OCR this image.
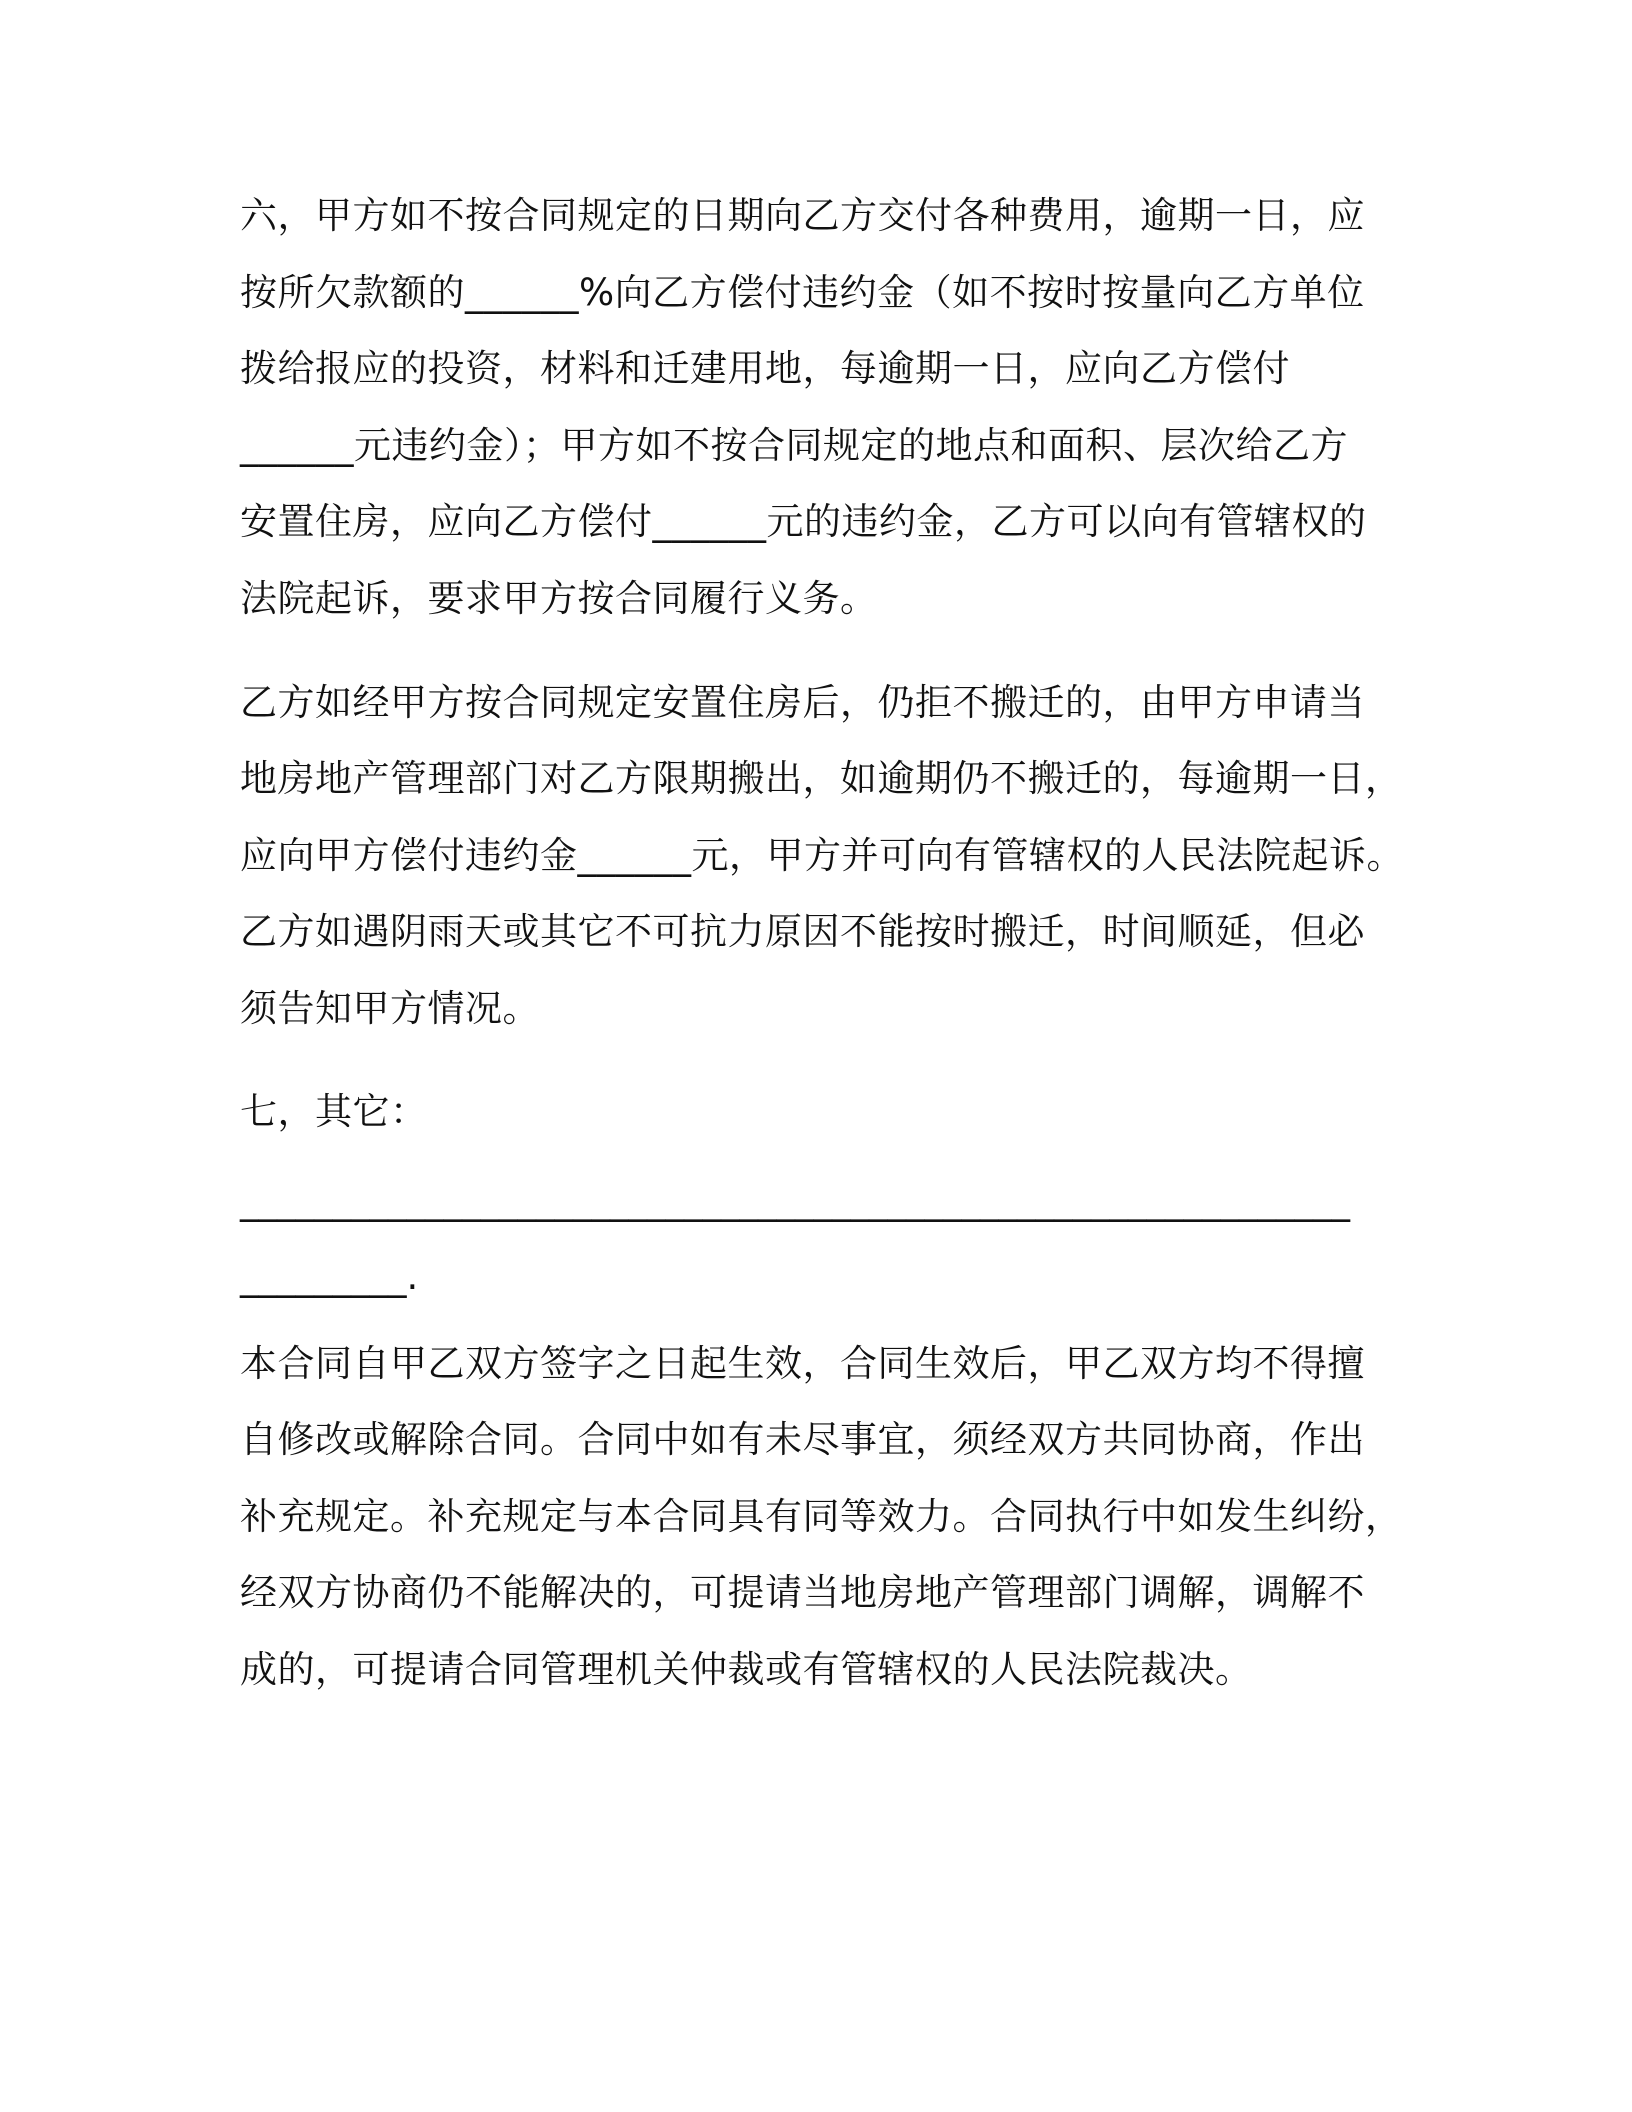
六，甲方如不按合同规定的日期向乙方交付各种费用，逾期一日，应
按所欠款额的______%向乙方偿付违约金（如不按时按量向乙方单位
拨给报应的投资，材料和迁建用地，每逾期一日，应向乙方偿付
______元违约金）；甲方如不按合同规定的地点和面积、层次给乙方
安置住房，应向乙方偿付______元的违约金，乙方可以向有管辖权的
法院起诉，要求甲方按合同履行义务。
乙方如经甲方按合同规定安置住房后，仍拒不搬迁的，由甲方申请当
地房地产管理部门对乙方限期搬出，如逾期仍不搬迁的，每逾期一日，
应向甲方偿付违约金______元，甲方并可向有管辖权的人民法院起诉。
乙方如遇阴雨天或其它不可抗力原因不能按时搬迁，时间顺延，但必
须告知甲方情况。
七，其它：
____________________________________________________________
_________.
本合同自甲乙双方签字之日起生效，合同生效后，甲乙双方均不得擅
自修改或解除合同。合同中如有未尽事宜，须经双方共同协商，作出
补充规定。补充规定与本合同具有同等效力。合同执行中如发生纠纷，
经双方协商仍不能解决的，可提请当地房地产管理部门调解，调解不
成的，可提请合同管理机关仲裁或有管辖权的人民法院裁决。
